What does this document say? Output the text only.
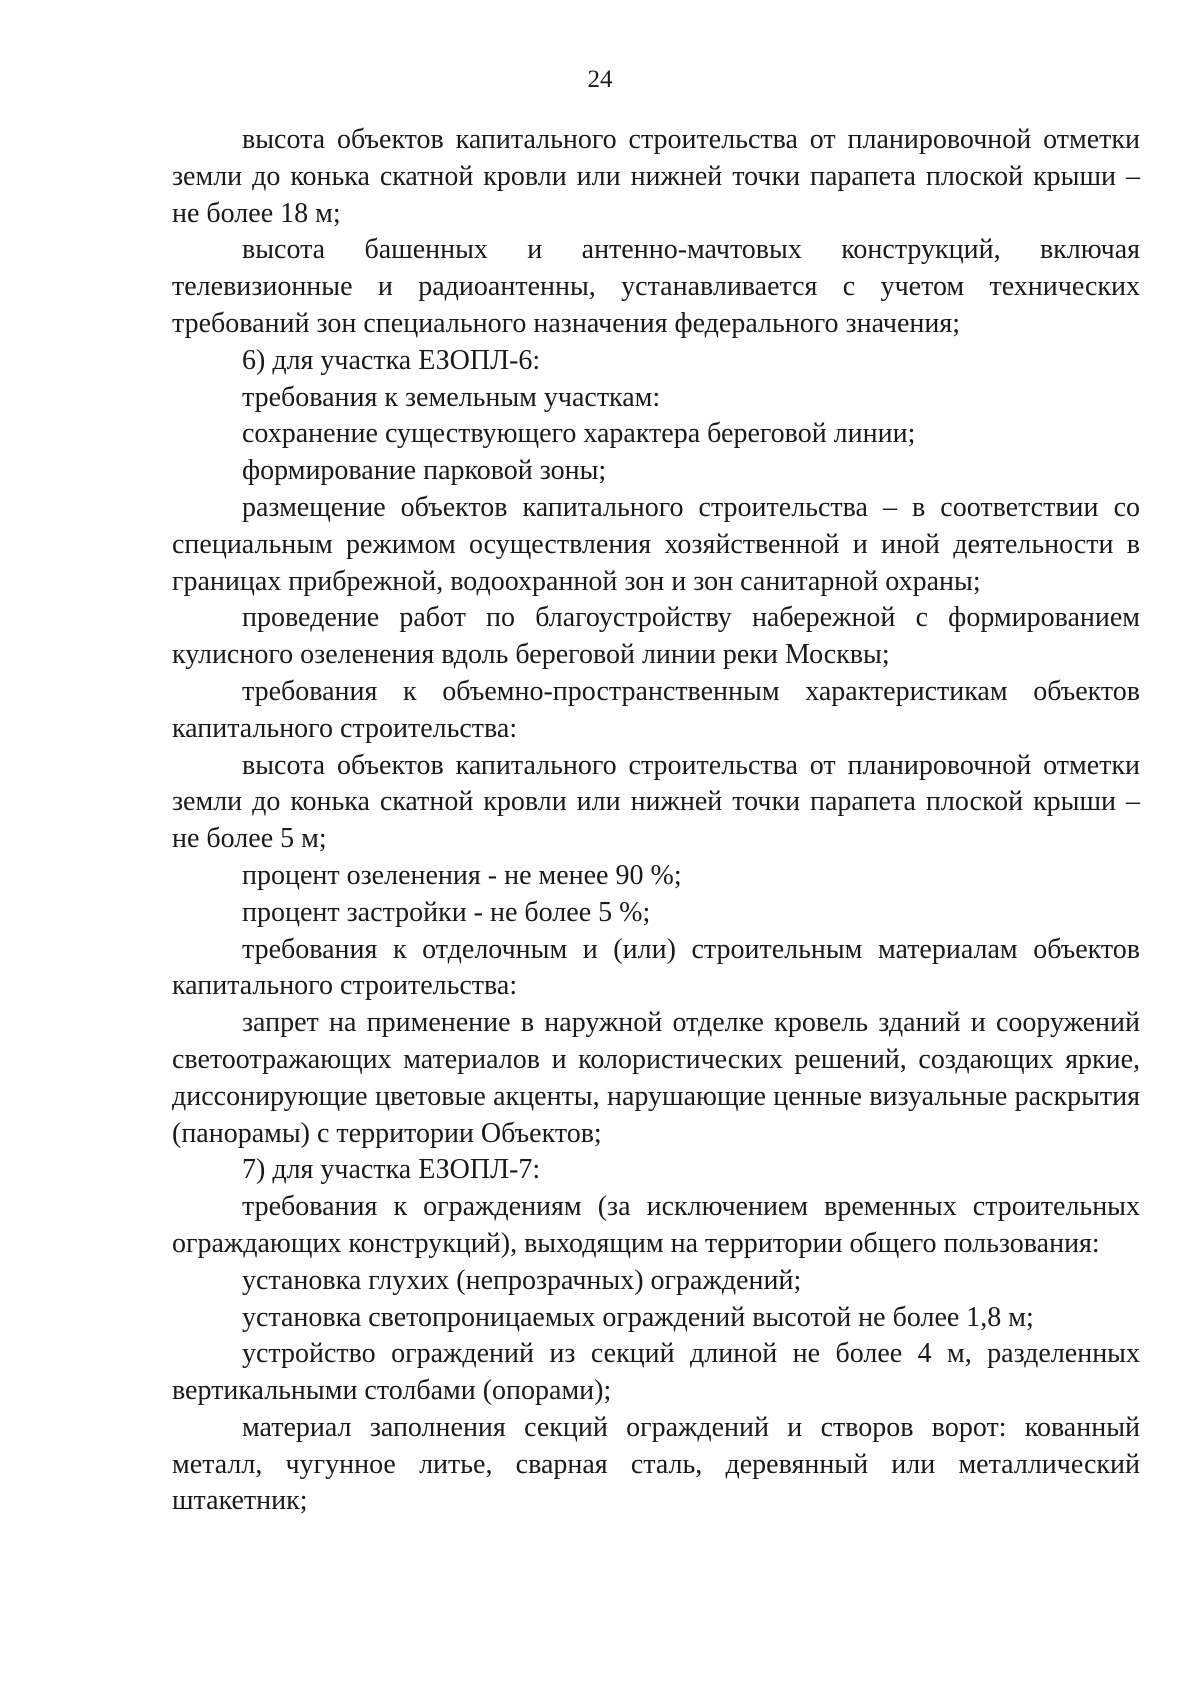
24

высота объектов капитального строительства от планировочной отметки земли до конька скатной кровли или нижней точки парапета плоской крыши – не более 18 м;

высота башенных и антенно-мачтовых конструкций, включая телевизионные и радиоантенны, устанавливается с учетом технических требований зон специального назначения федерального значения;

6) для участка ЕЗОПЛ-6:

требования к земельным участкам:

сохранение существующего характера береговой линии;

формирование парковой зоны;

размещение объектов капитального строительства – в соответствии со специальным режимом осуществления хозяйственной и иной деятельности в границах прибрежной, водоохранной зон и зон санитарной охраны;

проведение работ по благоустройству набережной с формированием кулисного озеленения вдоль береговой линии реки Москвы;

требования к объемно-пространственным характеристикам объектов капитального строительства:

высота объектов капитального строительства от планировочной отметки земли до конька скатной кровли или нижней точки парапета плоской крыши – не более 5 м;

процент озеленения - не менее 90 %;

процент застройки - не более 5 %;

требования к отделочным и (или) строительным материалам объектов капитального строительства:

запрет на применение в наружной отделке кровель зданий и сооружений светоотражающих материалов и колористических решений, создающих яркие, диссонирующие цветовые акценты, нарушающие ценные визуальные раскрытия (панорамы) с территории Объектов;

7) для участка ЕЗОПЛ-7:

требования к ограждениям (за исключением временных строительных ограждающих конструкций), выходящим на территории общего пользования:

установка глухих (непрозрачных) ограждений;

установка светопроницаемых ограждений высотой не более 1,8 м;

устройство ограждений из секций длиной не более 4 м, разделенных вертикальными столбами (опорами);

материал заполнения секций ограждений и створов ворот: кованный металл, чугунное литье, сварная сталь, деревянный или металлический штакетник;
